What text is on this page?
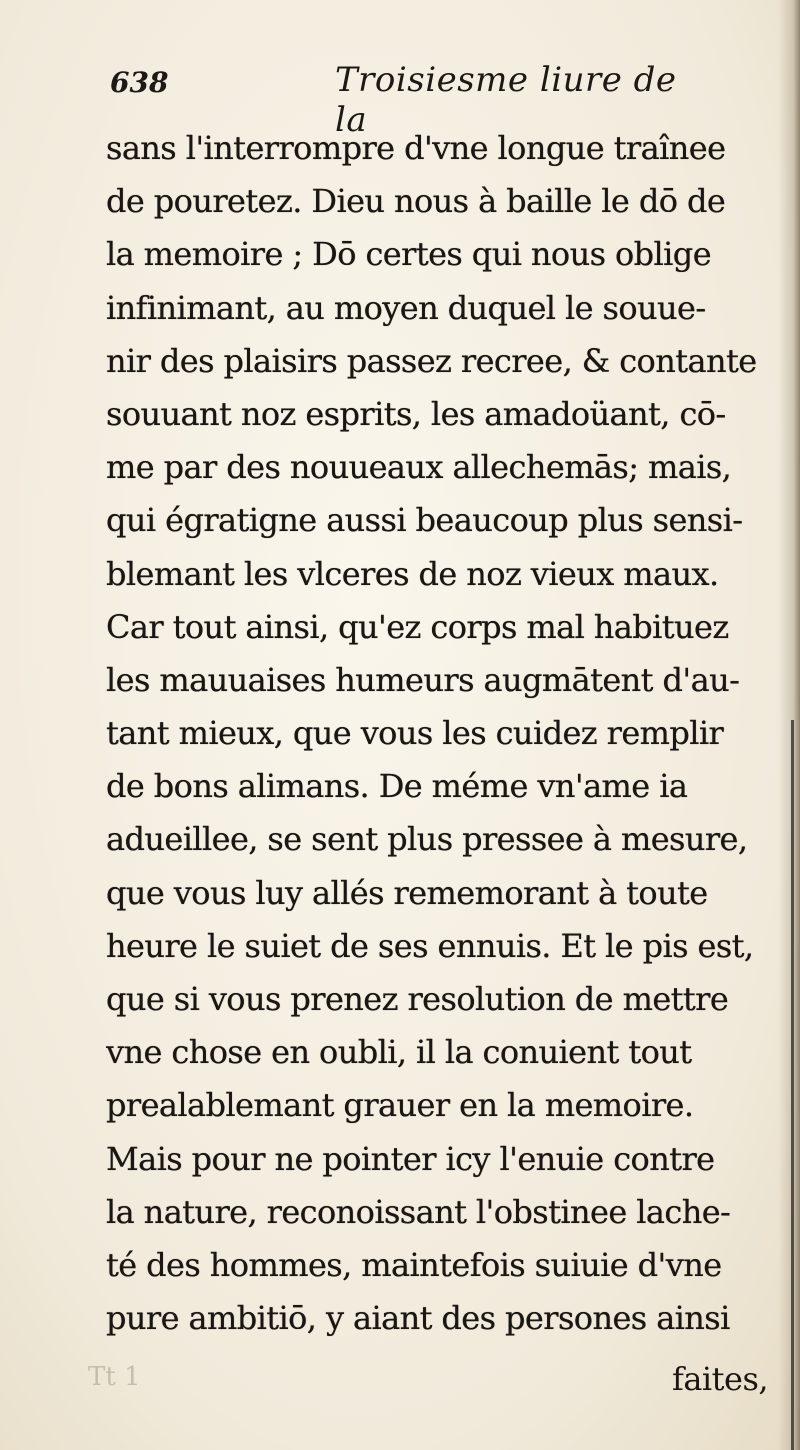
638	Troisiesme liure de la
sans l'interrompre d'vne longue traînee
de pouretez. Dieu nous à baille le dō de
la memoire ; Dō certes qui nous oblige
infinimant, au moyen duquel le souue-
nir des plaisirs passez recree, & contante
souuant noz esprits, les amadoüant, cō-
me par des nouueaux allechemās; mais,
qui égratigne aussi beaucoup plus sensi-
blemant les vlceres de noz vieux maux.
Car tout ainsi, qu'ez corps mal habituez
les mauuaises humeurs augmātent d'au-
tant mieux, que vous les cuidez remplir
de bons alimans. De méme vn'ame ia
adueillee, se sent plus pressee à mesure,
que vous luy allés rememorant à toute
heure le suiet de ses ennuis. Et le pis est,
que si vous prenez resolution de mettre
vne chose en oubli, il la conuient tout
prealablemant grauer en la memoire.
Mais pour ne pointer icy l'enuie contre
la nature, reconoissant l'obstinee lache-
té des hommes, maintefois suiuie d'vne
pure ambitiō, y aiant des persones ainsi
Tt 1	faites,
